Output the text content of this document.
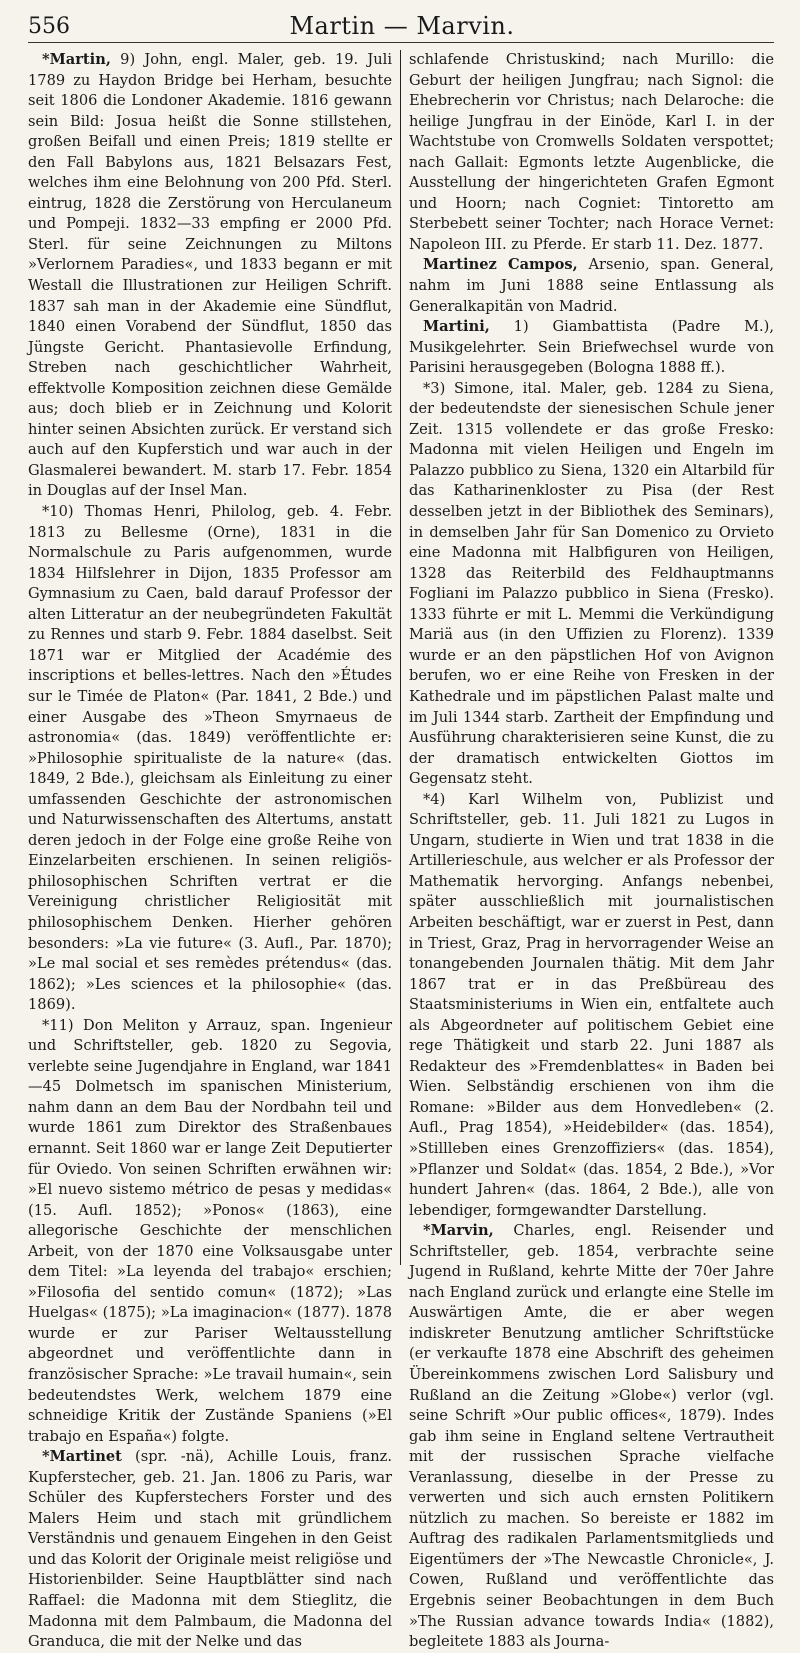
556	Martin — Marvin.

*Martin, 9) John, engl. Maler, geb. 19. Juli 1789 zu Haydon Bridge bei Herham, besuchte seit 1806 die Londoner Akademie. 1816 gewann sein Bild: Josua heißt die Sonne stillstehen, großen Beifall und einen Preis; 1819 stellte er den Fall Babylons aus, 1821 Belsazars Fest, welches ihm eine Belohnung von 200 Pfd. Sterl. eintrug, 1828 die Zerstörung von Herculaneum und Pompeji. 1832—33 empfing er 2000 Pfd. Sterl. für seine Zeichnungen zu Miltons »Verlornem Paradies«, und 1833 begann er mit Westall die Illustrationen zur Heiligen Schrift. 1837 sah man in der Akademie eine Sündflut, 1840 einen Vorabend der Sündflut, 1850 das Jüngste Gericht. Phantasievolle Erfindung, Streben nach geschichtlicher Wahrheit, effektvolle Komposition zeichnen diese Gemälde aus; doch blieb er in Zeichnung und Kolorit hinter seinen Absichten zurück. Er verstand sich auch auf den Kupferstich und war auch in der Glasmalerei bewandert. M. starb 17. Febr. 1854 in Douglas auf der Insel Man.

*10) Thomas Henri, Philolog, geb. 4. Febr. 1813 zu Bellesme (Orne), 1831 in die Normalschule zu Paris aufgenommen, wurde 1834 Hilfslehrer in Dijon, 1835 Professor am Gymnasium zu Caen, bald darauf Professor der alten Litteratur an der neubegründeten Fakultät zu Rennes und starb 9. Febr. 1884 daselbst. Seit 1871 war er Mitglied der Académie des inscriptions et belles-lettres. Nach den »Études sur le Timée de Platon« (Par. 1841, 2 Bde.) und einer Ausgabe des »Theon Smyrnaeus de astronomia« (das. 1849) veröffentlichte er: »Philosophie spiritualiste de la nature« (das. 1849, 2 Bde.), gleichsam als Einleitung zu einer umfassenden Geschichte der astronomischen und Naturwissenschaften des Altertums, anstatt deren jedoch in der Folge eine große Reihe von Einzelarbeiten erschienen. In seinen religiös-philosophischen Schriften vertrat er die Vereinigung christlicher Religiosität mit philosophischem Denken. Hierher gehören besonders: »La vie future« (3. Aufl., Par. 1870); »Le mal social et ses remèdes prétendus« (das. 1862); »Les sciences et la philosophie« (das. 1869).

*11) Don Meliton y Arrauz, span. Ingenieur und Schriftsteller, geb. 1820 zu Segovia, verlebte seine Jugendjahre in England, war 1841—45 Dolmetsch im spanischen Ministerium, nahm dann an dem Bau der Nordbahn teil und wurde 1861 zum Direktor des Straßenbaues ernannt. Seit 1860 war er lange Zeit Deputierter für Oviedo. Von seinen Schriften erwähnen wir: »El nuevo sistemo métrico de pesas y medidas« (15. Aufl. 1852); »Ponos« (1863), eine allegorische Geschichte der menschlichen Arbeit, von der 1870 eine Volksausgabe unter dem Titel: »La leyenda del trabajo« erschien; »Filosofia del sentido comun« (1872); »Las Huelgas« (1875); »La imaginacion« (1877). 1878 wurde er zur Pariser Weltausstellung abgeordnet und veröffentlichte dann in französischer Sprache: »Le travail humain«, sein bedeutendstes Werk, welchem 1879 eine schneidige Kritik der Zustände Spaniens (»El trabajo en España«) folgte.

*Martinet (spr. -nä), Achille Louis, franz. Kupferstecher, geb. 21. Jan. 1806 zu Paris, war Schüler des Kupferstechers Forster und des Malers Heim und stach mit gründlichem Verständnis und genauem Eingehen in den Geist und das Kolorit der Originale meist religiöse und Historienbilder. Seine Hauptblätter sind nach Raffael: die Madonna mit dem Stieglitz, die Madonna mit dem Palmbaum, die Madonna del Granduca, die mit der Nelke und das

schlafende Christuskind; nach Murillo: die Geburt der heiligen Jungfrau; nach Signol: die Ehebrecherin vor Christus; nach Delaroche: die heilige Jungfrau in der Einöde, Karl I. in der Wachtstube von Cromwells Soldaten verspottet; nach Gallait: Egmonts letzte Augenblicke, die Ausstellung der hingerichteten Grafen Egmont und Hoorn; nach Cogniet: Tintoretto am Sterbebett seiner Tochter; nach Horace Vernet: Napoleon III. zu Pferde. Er starb 11. Dez. 1877.

Martinez Campos, Arsenio, span. General, nahm im Juni 1888 seine Entlassung als Generalkapitän von Madrid.

Martini, 1) Giambattista (Padre M.), Musikgelehrter. Sein Briefwechsel wurde von Parisini herausgegeben (Bologna 1888 ff.).

*3) Simone, ital. Maler, geb. 1284 zu Siena, der bedeutendste der sienesischen Schule jener Zeit. 1315 vollendete er das große Fresko: Madonna mit vielen Heiligen und Engeln im Palazzo pubblico zu Siena, 1320 ein Altarbild für das Katharinenkloster zu Pisa (der Rest desselben jetzt in der Bibliothek des Seminars), in demselben Jahr für San Domenico zu Orvieto eine Madonna mit Halbfiguren von Heiligen, 1328 das Reiterbild des Feldhauptmanns Fogliani im Palazzo pubblico in Siena (Fresko). 1333 führte er mit L. Memmi die Verkündigung Mariä aus (in den Uffizien zu Florenz). 1339 wurde er an den päpstlichen Hof von Avignon berufen, wo er eine Reihe von Fresken in der Kathedrale und im päpstlichen Palast malte und im Juli 1344 starb. Zartheit der Empfindung und Ausführung charakterisieren seine Kunst, die zu der dramatisch entwickelten Giottos im Gegensatz steht.

*4) Karl Wilhelm von, Publizist und Schriftsteller, geb. 11. Juli 1821 zu Lugos in Ungarn, studierte in Wien und trat 1838 in die Artillerieschule, aus welcher er als Professor der Mathematik hervorging. Anfangs nebenbei, später ausschließlich mit journalistischen Arbeiten beschäftigt, war er zuerst in Pest, dann in Triest, Graz, Prag in hervorragender Weise an tonangebenden Journalen thätig. Mit dem Jahr 1867 trat er in das Preßbüreau des Staatsministeriums in Wien ein, entfaltete auch als Abgeordneter auf politischem Gebiet eine rege Thätigkeit und starb 22. Juni 1887 als Redakteur des »Fremdenblattes« in Baden bei Wien. Selbständig erschienen von ihm die Romane: »Bilder aus dem Honvedleben« (2. Aufl., Prag 1854), »Heidebilder« (das. 1854), »Stillleben eines Grenzoffiziers« (das. 1854), »Pflanzer und Soldat« (das. 1854, 2 Bde.), »Vor hundert Jahren« (das. 1864, 2 Bde.), alle von lebendiger, formgewandter Darstellung.

*Marvin, Charles, engl. Reisender und Schriftsteller, geb. 1854, verbrachte seine Jugend in Rußland, kehrte Mitte der 70er Jahre nach England zurück und erlangte eine Stelle im Auswärtigen Amte, die er aber wegen indiskreter Benutzung amtlicher Schriftstücke (er verkaufte 1878 eine Abschrift des geheimen Übereinkommens zwischen Lord Salisbury und Rußland an die Zeitung »Globe«) verlor (vgl. seine Schrift »Our public offices«, 1879). Indes gab ihm seine in England seltene Vertrautheit mit der russischen Sprache vielfache Veranlassung, dieselbe in der Presse zu verwerten und sich auch ernsten Politikern nützlich zu machen. So bereiste er 1882 im Auftrag des radikalen Parlamentsmitglieds und Eigentümers der »The Newcastle Chronicle«, J. Cowen, Rußland und veröffentlichte das Ergebnis seiner Beobachtungen in dem Buch »The Russian advance towards India« (1882), begleitete 1883 als Journa-
